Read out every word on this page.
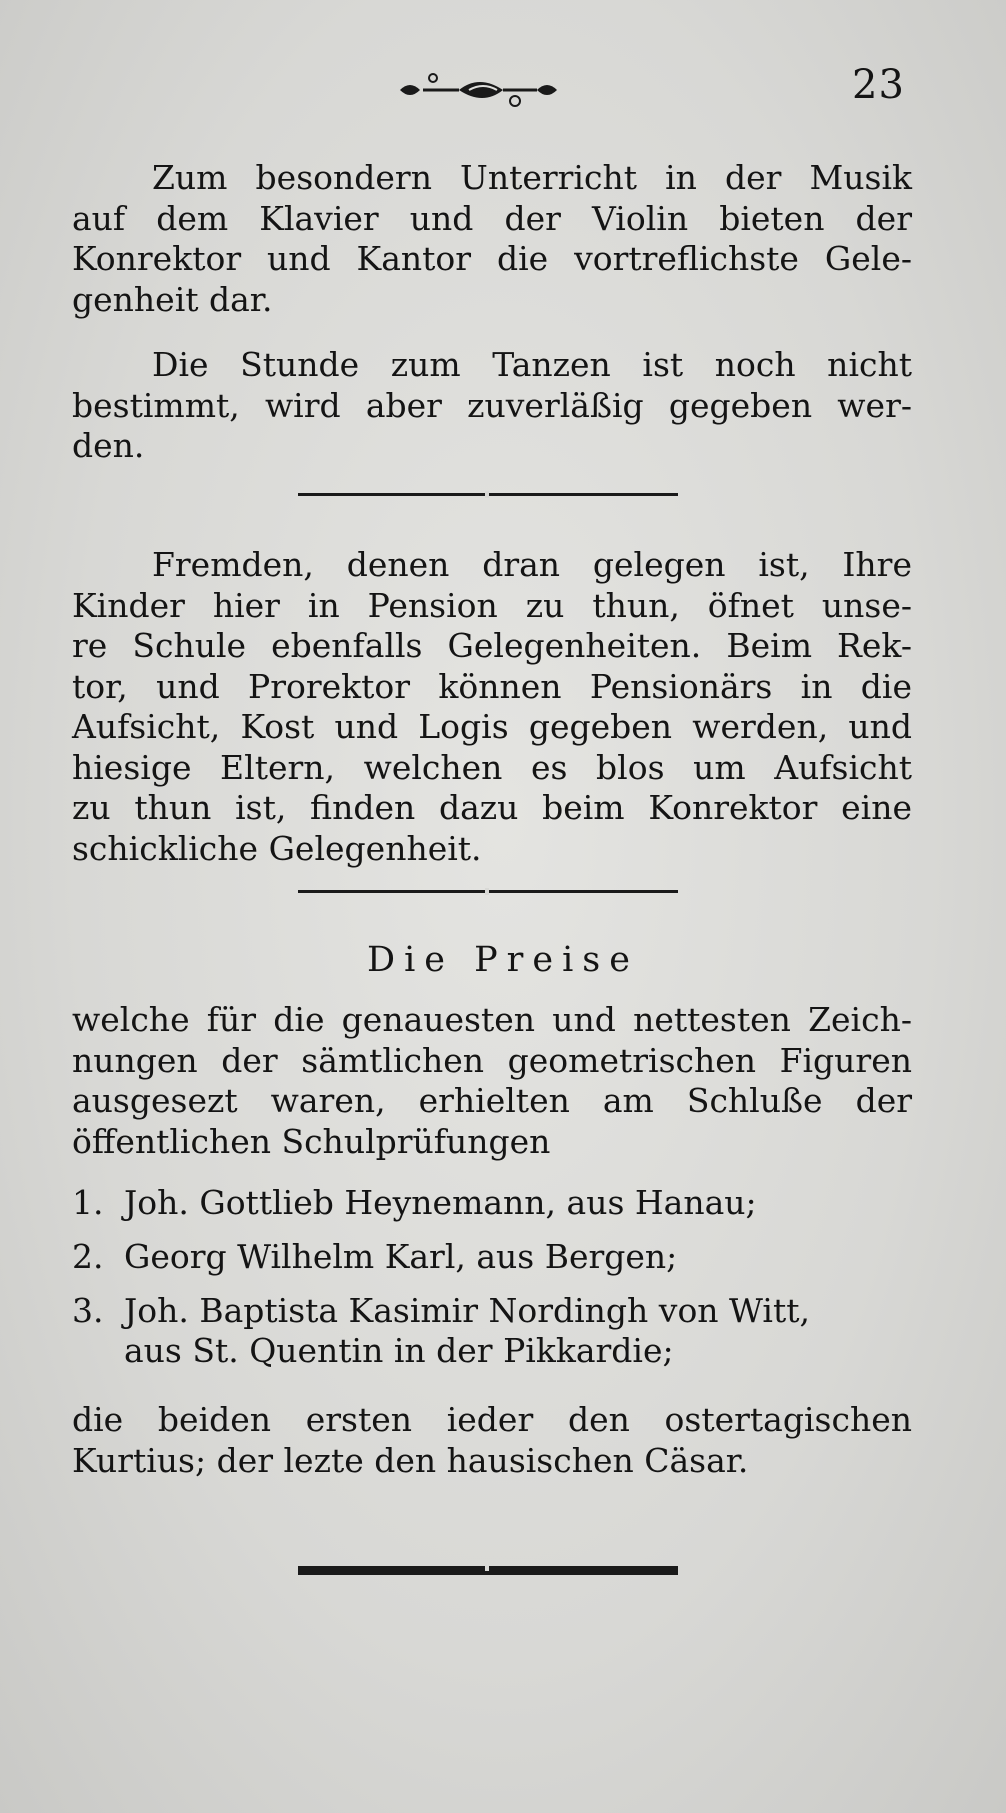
23
Zum besondern Unterricht in der Musik
auf dem Klavier und der Violin bieten der
Konrektor und Kantor die vortreflichste Gele-
genheit dar.
Die Stunde zum Tanzen ist noch nicht
bestimmt, wird aber zuverläßig gegeben wer-
den.
Fremden, denen dran gelegen ist, Ihre
Kinder hier in Pension zu thun, öfnet unse-
re Schule ebenfalls Gelegenheiten. Beim Rek-
tor, und Prorektor können Pensionärs in die
Aufsicht, Kost und Logis gegeben werden, und
hiesige Eltern, welchen es blos um Aufsicht
zu thun ist, finden dazu beim Konrektor eine
schickliche Gelegenheit.
Die Preise
welche für die genauesten und nettesten Zeich-
nungen der sämtlichen geometrischen Figuren
ausgesezt waren, erhielten am Schluße der
öffentlichen Schulprüfungen
1. Joh. Gottlieb Heynemann, aus Hanau;
2. Georg Wilhelm Karl, aus Bergen;
3. Joh. Baptista Kasimir Nordingh von Witt,
aus St. Quentin in der Pikkardie;
die beiden ersten ieder den ostertagischen
Kurtius; der lezte den hausischen Cäsar.
